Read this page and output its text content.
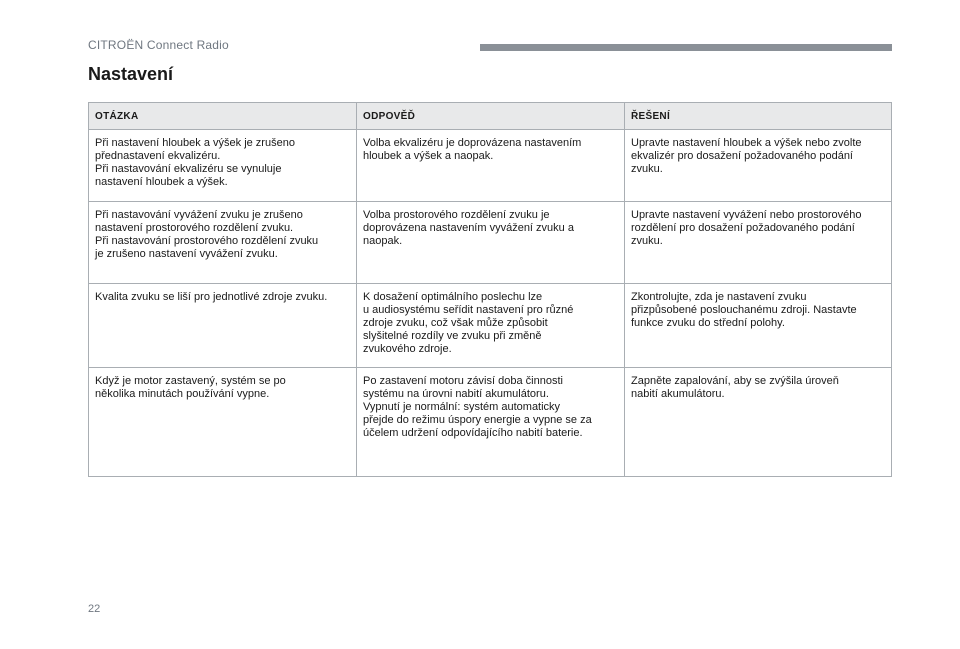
CITROËN Connect Radio
Nastavení
OTÁZKA	ODPOVĚĎ	ŘEŠENÍ
Při nastavení hloubek a výšek je zrušeno
přednastavení ekvalizéru.
Při nastavování ekvalizéru se vynuluje
nastavení hloubek a výšek.	Volba ekvalizéru je doprovázena nastavením
hloubek a výšek a naopak.	Upravte nastavení hloubek a výšek nebo zvolte
ekvalizér pro dosažení požadovaného podání
zvuku.
Při nastavování vyvážení zvuku je zrušeno
nastavení prostorového rozdělení zvuku.
Při nastavování prostorového rozdělení zvuku
je zrušeno nastavení vyvážení zvuku.	Volba prostorového rozdělení zvuku je
doprovázena nastavením vyvážení zvuku a
naopak.	Upravte nastavení vyvážení nebo prostorového
rozdělení pro dosažení požadovaného podání
zvuku.
Kvalita zvuku se liší pro jednotlivé zdroje zvuku.	K dosažení optimálního poslechu lze
u audiosystému seřídit nastavení pro různé
zdroje zvuku, což však může způsobit
slyšitelné rozdíly ve zvuku při změně
zvukového zdroje.	Zkontrolujte, zda je nastavení zvuku
přizpůsobené poslouchanému zdroji. Nastavte
funkce zvuku do střední polohy.
Když je motor zastavený, systém se po
několika minutách používání vypne.	Po zastavení motoru závisí doba činnosti
systému na úrovni nabití akumulátoru.
Vypnutí je normální: systém automaticky
přejde do režimu úspory energie a vypne se za
účelem udržení odpovídajícího nabití baterie.	Zapněte zapalování, aby se zvýšila úroveň
nabití akumulátoru.
22
